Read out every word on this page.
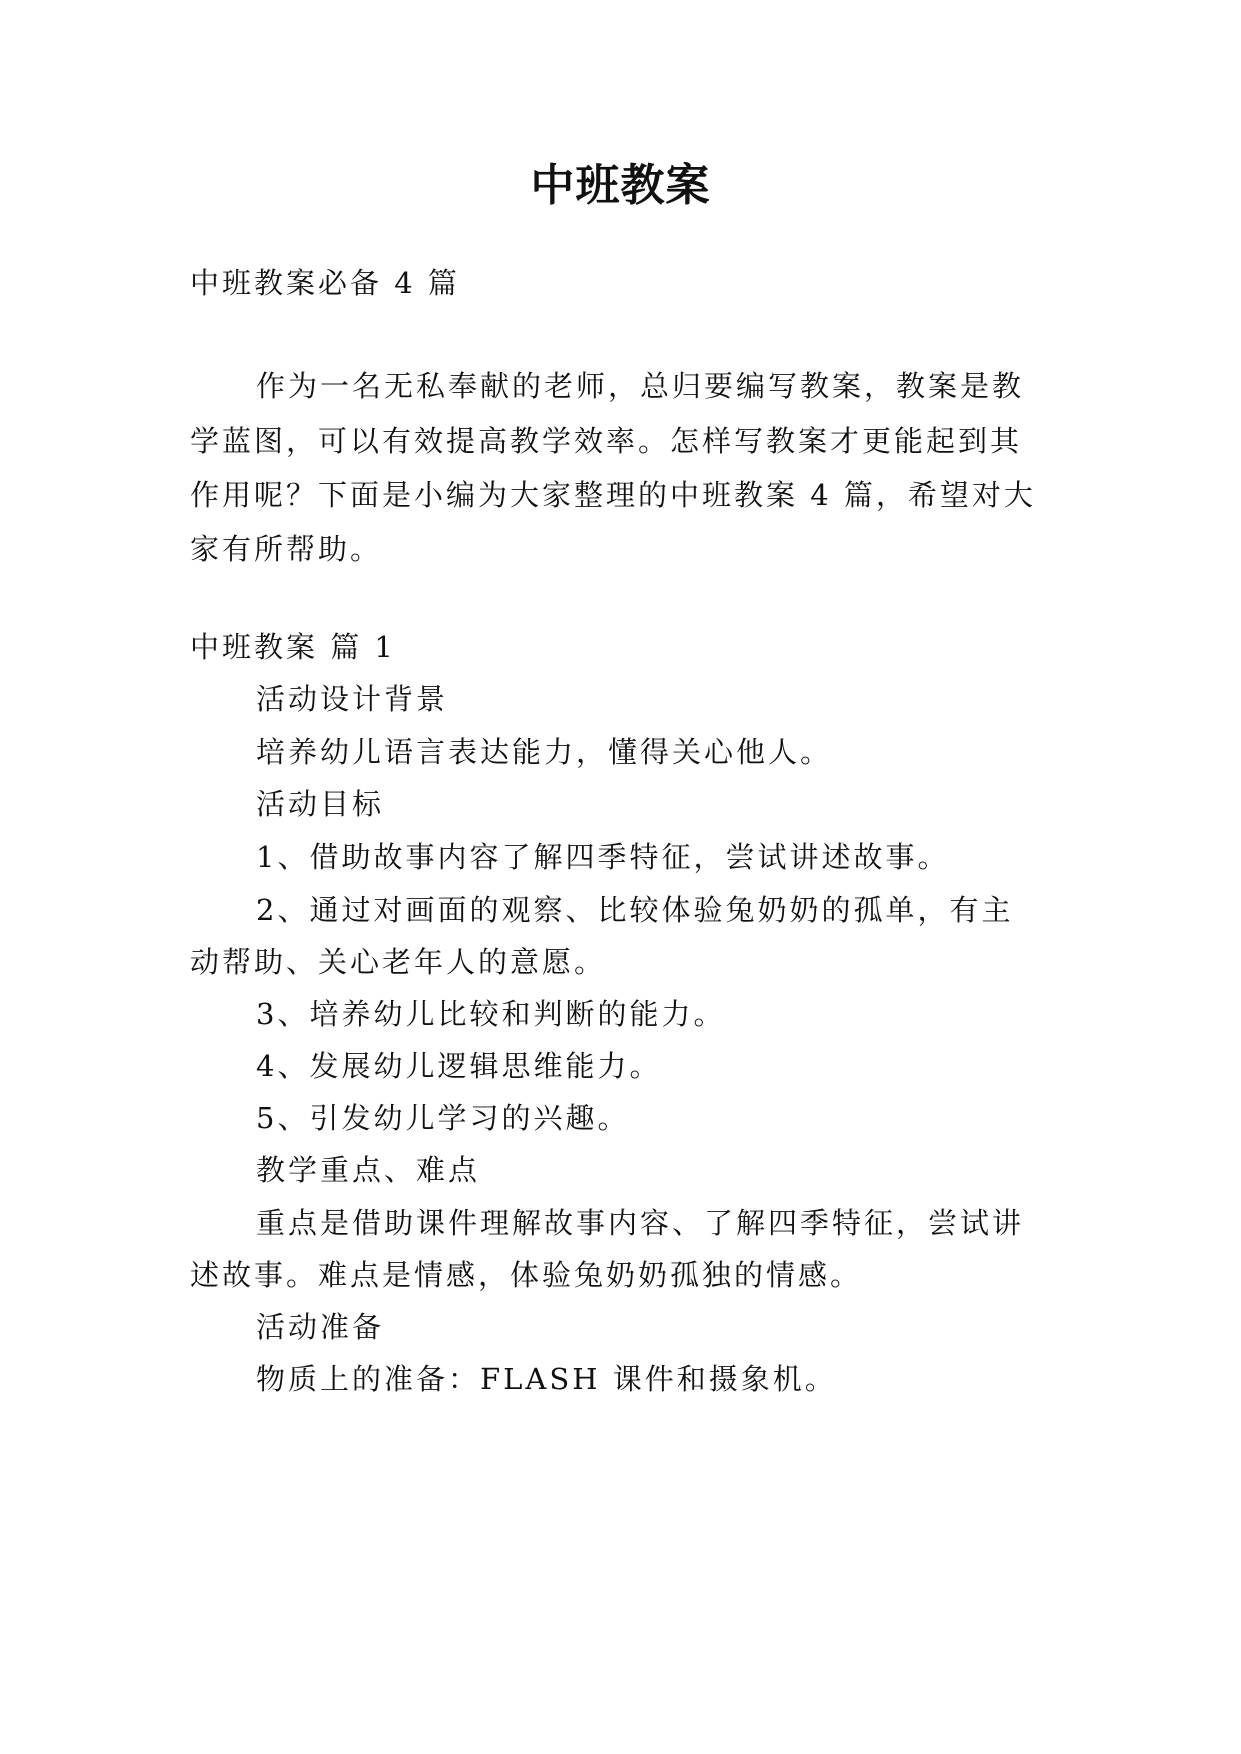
中班教案
中班教案必备 4 篇
作为一名无私奉献的老师，总归要编写教案，教案是教
学蓝图，可以有效提高教学效率。怎样写教案才更能起到其
作用呢？下面是小编为大家整理的中班教案 4 篇，希望对大
家有所帮助。
中班教案 篇 1
活动设计背景
培养幼儿语言表达能力，懂得关心他人。
活动目标
1、借助故事内容了解四季特征，尝试讲述故事。
2、通过对画面的观察、比较体验兔奶奶的孤单，有主
动帮助、关心老年人的意愿。
3、培养幼儿比较和判断的能力。
4、发展幼儿逻辑思维能力。
5、引发幼儿学习的兴趣。
教学重点、难点
重点是借助课件理解故事内容、了解四季特征，尝试讲
述故事。难点是情感，体验兔奶奶孤独的情感。
活动准备
物质上的准备：FLASH 课件和摄象机。
